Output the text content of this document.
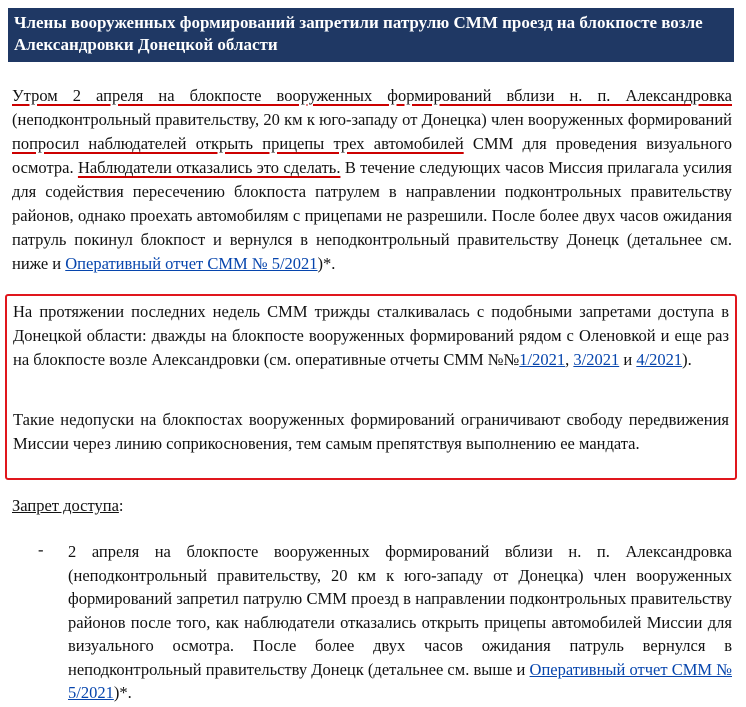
Члены вооруженных формирований запретили патрулю СММ проезд на блокпосте возле Александровки Донецкой области
Утром 2 апреля на блокпосте вооруженных формирований вблизи н. п. Александровка (неподконтрольный правительству, 20 км к юго-западу от Донецка) член вооруженных формирований попросил наблюдателей открыть прицепы трех автомобилей СММ для проведения визуального осмотра. Наблюдатели отказались это сделать. В течение следующих часов Миссия прилагала усилия для содействия пересечению блокпоста патрулем в направлении подконтрольных правительству районов, однако проехать автомобилям с прицепами не разрешили. После более двух часов ожидания патруль покинул блокпост и вернулся в неподконтрольный правительству Донецк (детальнее см. ниже и Оперативный отчет СММ № 5/2021)*.
На протяжении последних недель СММ трижды сталкивалась с подобными запретами доступа в Донецкой области: дважды на блокпосте вооруженных формирований рядом с Оленовкой и еще раз на блокпосте возле Александровки (см. оперативные отчеты СММ №№1/2021, 3/2021 и 4/2021).
Такие недопуски на блокпостах вооруженных формирований ограничивают свободу передвижения Миссии через линию соприкосновения, тем самым препятствуя выполнению ее мандата.
Запрет доступа:
- 2 апреля на блокпосте вооруженных формирований вблизи н. п. Александровка (неподконтрольный правительству, 20 км к юго-западу от Донецка) член вооруженных формирований запретил патрулю СММ проезд в направлении подконтрольных правительству районов после того, как наблюдатели отказались открыть прицепы автомобилей Миссии для визуального осмотра. После более двух часов ожидания патруль вернулся в неподконтрольный правительству Донецк (детальнее см. выше и Оперативный отчет СММ № 5/2021)*.
